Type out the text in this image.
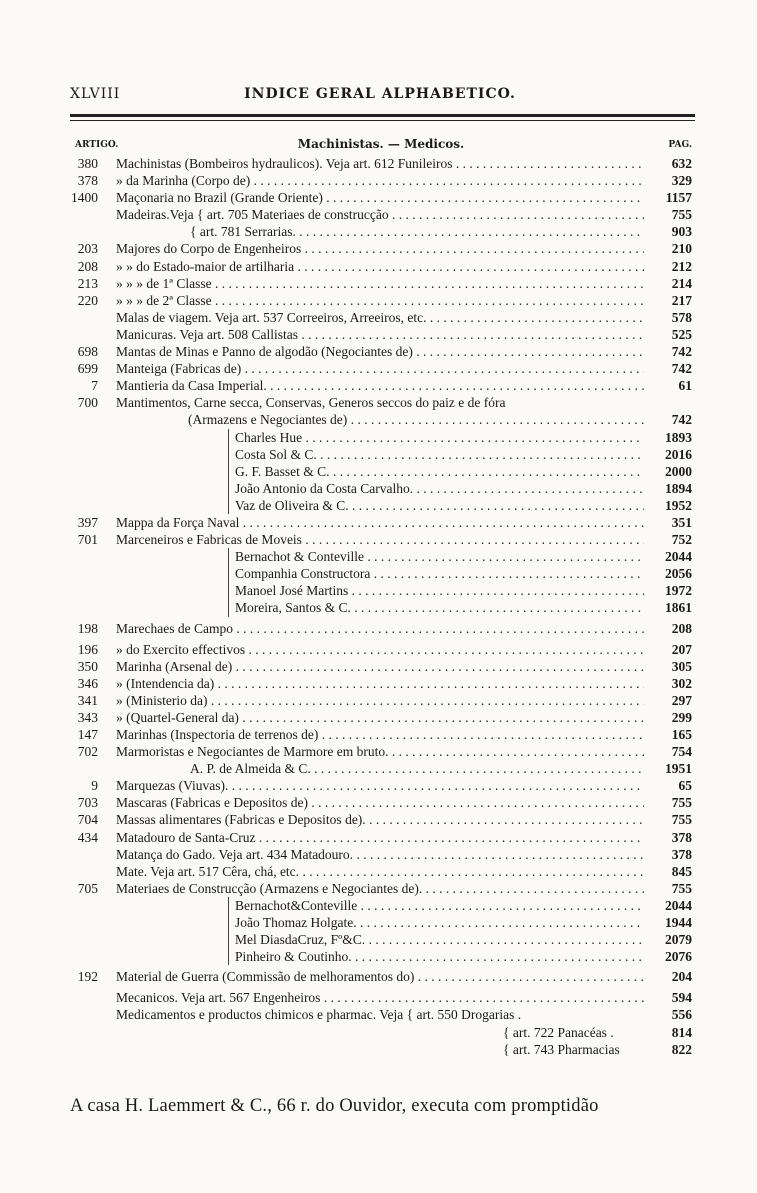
XLVIII	INDICE GERAL ALPHABETICO.
ARTIGO.	Machinistas. — Medicos.	PAG.
380 Machinistas (Bombeiros hydraulicos). Veja art. 612 Funileiros . . .	632
378 » da Marinha (Corpo de) . . .	329
1400 Maçonaria no Brazil (Grande Oriente) . . .	1157
Madeiras.Veja { art. 705 Materiaes de construcção . . .	755
{ art. 781 Serrarias. . . .	903
203 Majores do Corpo de Engenheiros . . .	210
208 » » do Estado-maior de artilharia . . .	212
213 » » » de 1ª Classe . . .	214
220 » » » de 2ª Classe . . .	217
Malas de viagem. Veja art. 537 Correeiros, Arreeiros, etc. . . .	578
Manicuras. Veja art. 508 Callistas . . .	525
698 Mantas de Minas e Panno de algodão (Negociantes de) . . .	742
699 Manteiga (Fabricas de) . . .	742
7 Mantieria da Casa Imperial. . . .	61
700 Mantimentos, Carne secca, Conservas, Generos seccos do paiz e de fóra
(Armazens e Negociantes de) . . .	742
Charles Hue . . .	1893
Costa Sol & C. . . .	2016
G. F. Basset & C. . . .	2000
João Antonio da Costa Carvalho. . . .	1894
Vaz de Oliveira & C. . . .	1952
397 Mappa da Força Naval . . .	351
701 Marceneiros e Fabricas de Moveis . . .	752
Bernachot & Conteville . . .	2044
Companhia Constructora . . .	2056
Manoel José Martins . . .	1972
Moreira, Santos & C. . . .	1861
198 Marechaes de Campo . . .	208
196 » do Exercito effectivos . . .	207
350 Marinha (Arsenal de) . . .	305
346 » (Intendencia da) . . .	302
341 » (Ministerio da) . . .	297
343 » (Quartel-General da) . . .	299
147 Marinhas (Inspectoria de terrenos de) . . .	165
702 Marmoristas e Negociantes de Marmore em bruto. . . .	754
A. P. de Almeida & C. . . .	1951
9 Marquezas (Viuvas). . . .	65
703 Mascaras (Fabricas e Depositos de) . . .	755
704 Massas alimentares (Fabricas e Depositos de). . . .	755
434 Matadouro de Santa-Cruz . . .	378
Matança do Gado. Veja art. 434 Matadouro. . . .	378
Mate. Veja art. 517 Cêra, chá, etc. . . .	845
705 Materiaes de Construcção (Armazens e Negociantes de). . . .	755
Bernachot&Conteville . . .	2044
João Thomaz Holgate. . . .	1944
Mel DiasdaCruz, Fº&C. . . .	2079
Pinheiro & Coutinho. . . .	2076
192 Material de Guerra (Commissão de melhoramentos do) . . .	204
Mecanicos. Veja art. 567 Engenheiros . . .	594
Medicamentos e productos chimicos e pharmac. Veja { art. 550 Drogarias .	556
{ art. 722 Panacéas .	814
{ art. 743 Pharmacias	822
A casa H. Laemmert & C., 66 r. do Ouvidor, executa com promptidão
